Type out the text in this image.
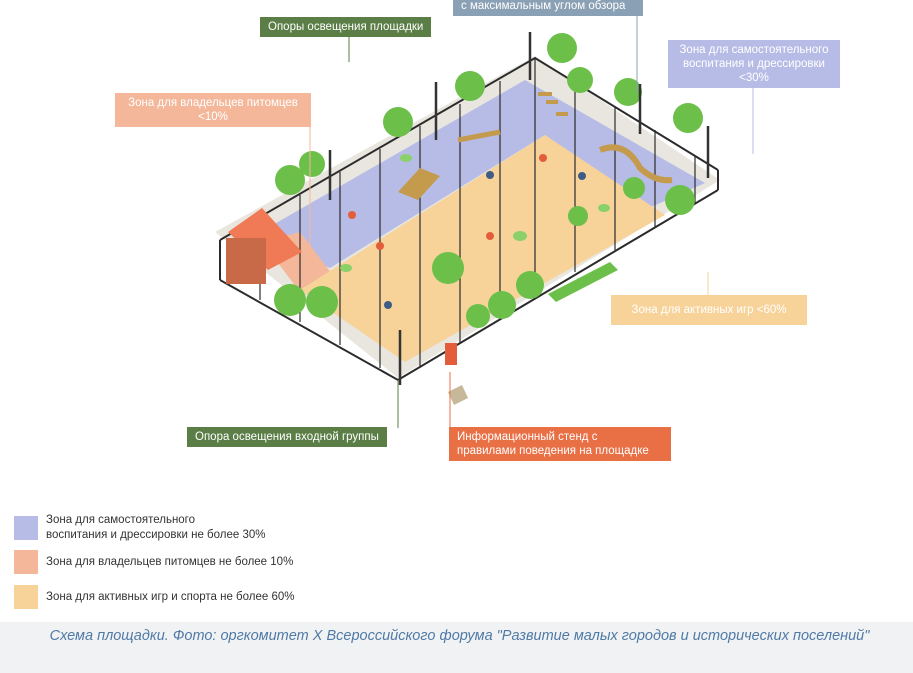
с максимальным углом обзора
Опоры освещения площадки
Зона для самостоятельного
воспитания и дрессировки
<30%
Зона для владельцев питомцев
<10%
Зона для активных игр <60%
Опора освещения входной группы	Информационный стенд с
правилами поведения на площадке
Зона для самостоятельного
воспитания и дрессировки не более 30%
Зона для владельцев питомцев не более 10%
Зона для активных игр и спорта не более 60%
Схема площадки. Фото: оргкомитет X Всероссийского форума "Развитие малых городов и исторических поселений"
